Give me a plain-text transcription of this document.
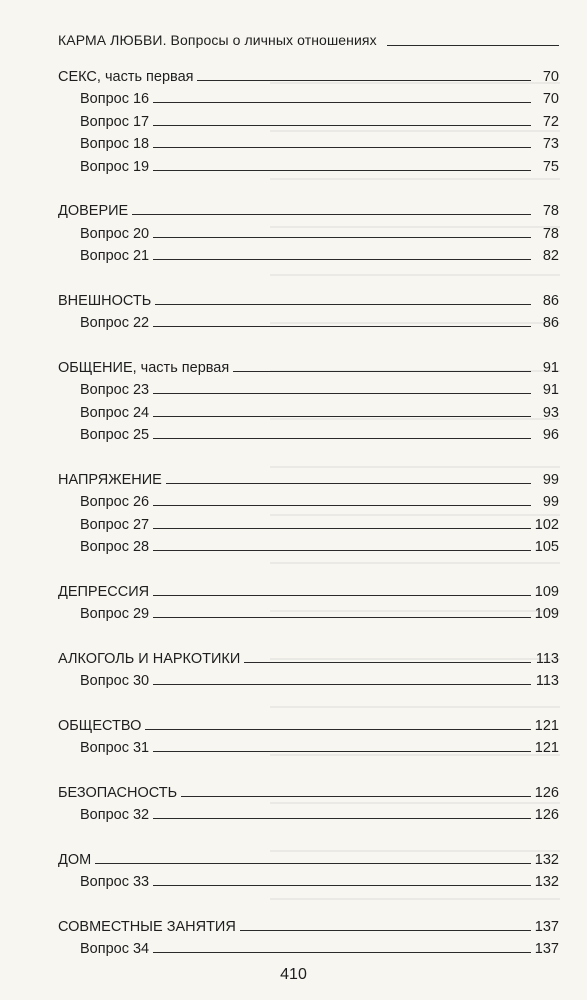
КАРМА ЛЮБВИ. Вопросы о личных отношениях
СЕКС, часть первая	70
Вопрос 16	70
Вопрос 17	72
Вопрос 18	73
Вопрос 19	75
ДОВЕРИЕ	78
Вопрос 20	78
Вопрос 21	82
ВНЕШНОСТЬ	86
Вопрос 22	86
ОБЩЕНИЕ, часть первая	91
Вопрос 23	91
Вопрос 24	93
Вопрос 25	96
НАПРЯЖЕНИЕ	99
Вопрос 26	99
Вопрос 27	102
Вопрос 28	105
ДЕПРЕССИЯ	109
Вопрос 29	109
АЛКОГОЛЬ И НАРКОТИКИ	113
Вопрос 30	113
ОБЩЕСТВО	121
Вопрос 31	121
БЕЗОПАСНОСТЬ	126
Вопрос 32	126
ДОМ	132
Вопрос 33	132
СОВМЕСТНЫЕ ЗАНЯТИЯ	137
Вопрос 34	137
410
